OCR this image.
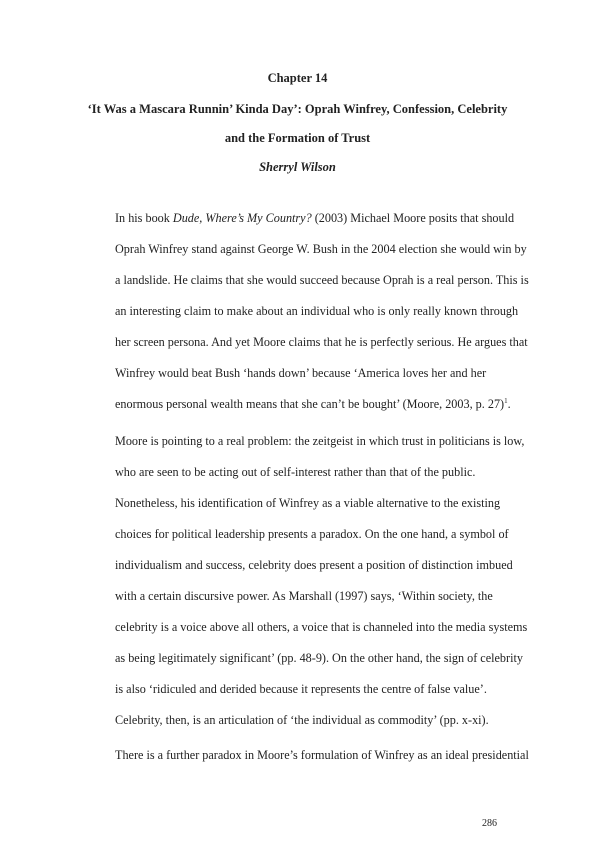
Chapter 14
‘It Was a Mascara Runnin’ Kinda Day’: Oprah Winfrey, Confession, Celebrity
and the Formation of Trust
Sherryl Wilson
In his book Dude, Where’s My Country? (2003) Michael Moore posits that should
Oprah Winfrey stand against George W. Bush in the 2004 election she would win by
a landslide. He claims that she would succeed because Oprah is a real person. This is
an interesting claim to make about an individual who is only really known through
her screen persona. And yet Moore claims that he is perfectly serious. He argues that
Winfrey would beat Bush ‘hands down’ because ‘America loves her and her
enormous personal wealth means that she can’t be bought’ (Moore, 2003, p. 27)$^1$.
Moore is pointing to a real problem: the zeitgeist in which trust in politicians is low,
who are seen to be acting out of self-interest rather than that of the public.
Nonetheless, his identification of Winfrey as a viable alternative to the existing
choices for political leadership presents a paradox. On the one hand, a symbol of
individualism and success, celebrity does present a position of distinction imbued
with a certain discursive power. As Marshall (1997) says, ‘Within society, the
celebrity is a voice above all others, a voice that is channeled into the media systems
as being legitimately significant’ (pp. 48-9). On the other hand, the sign of celebrity
is also ‘ridiculed and derided because it represents the centre of false value’.
Celebrity, then, is an articulation of ‘the individual as commodity’ (pp. x-xi).
There is a further paradox in Moore’s formulation of Winfrey as an ideal presidential
286
